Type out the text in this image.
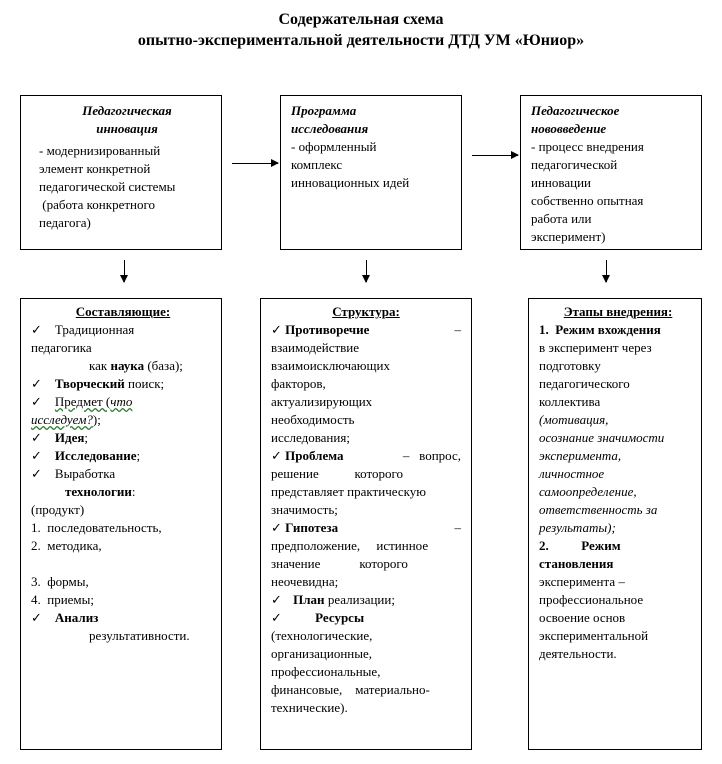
Содержательная схема
опытно-экспериментальной деятельности ДТД УМ «Юниор»
Педагогическая
инновация
- модернизированный
элемент конкретной
педагогической системы
(работа конкретного
педагога)
Программа
исследования
- оформленный
комплекс
инновационных идей
Педагогическое
нововведение
- процесс внедрения
педагогической
инновации
собственно опытная
работа или
эксперимент)
Составляющие:
✓ Традиционная
педагогика
как наука (база);
✓ Творческий поиск;
✓ Предмет (что
исследуем?);
✓ Идея;
✓ Исследование;
✓ Выработка
технологии:
(продукт)
1.  последовательность,
2.  методика,
3.  формы,
4.  приемы;
✓ Анализ
результативности.
Структура:
✓ Противоречие	–
взаимодействие
взаимоисключающих
факторов,
актуализирующих
необходимость
исследования;
✓ Проблема	–   вопрос,
решение           которого
представляет практическую
значимость;
✓ Гипотеза	–
предположение,     истинное
значение            которого
неочевидна;
✓ План реализации;
✓	Ресурсы
(технологические,
организационные,
профессиональные,
финансовые,    материально-
технические).
Этапы внедрения:
1.  Режим вхождения
в эксперимент через
подготовку
педагогического
коллектива
(мотивация,
осознание значимости
эксперимента,
личностное
самоопределение,
ответственность за
результаты);
2.          Режим
становления
эксперимента –
профессиональное
освоение основ
экспериментальной
деятельности.
